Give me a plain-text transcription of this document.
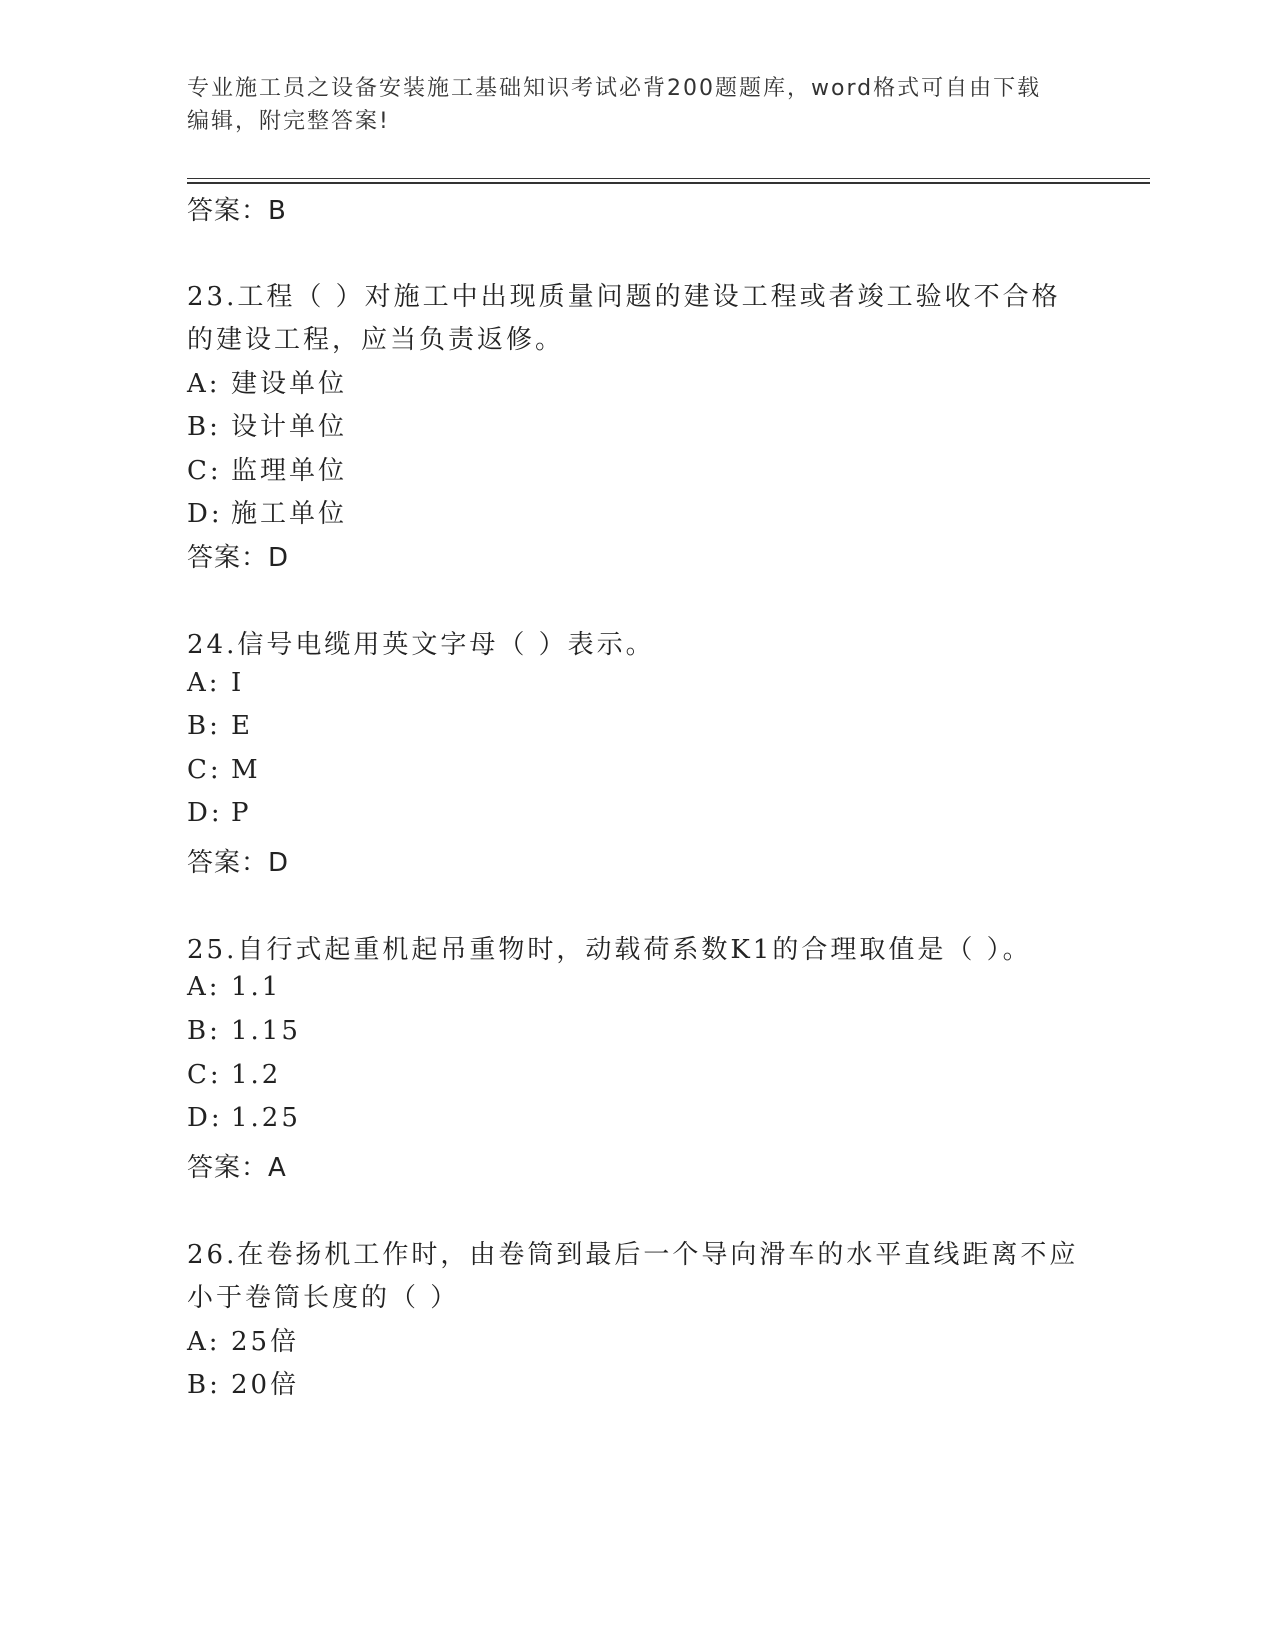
专业施工员之设备安装施工基础知识考试必背200题题库，word格式可自由下载
编辑，附完整答案!
答案：B
23.工程（ ）对施工中出现质量问题的建设工程或者竣工验收不合格
的建设工程，应当负责返修。
A: 建设单位
B: 设计单位
C: 监理单位
D: 施工单位
答案：D
24.信号电缆用英文字母（ ）表示。
A: I
B: E
C: M
D: P
答案：D
25.自行式起重机起吊重物时，动载荷系数K1的合理取值是（ ）。
A: 1.1
B: 1.15
C: 1.2
D: 1.25
答案：A
26.在卷扬机工作时，由卷筒到最后一个导向滑车的水平直线距离不应
小于卷筒长度的（ ）
A: 25倍
B: 20倍
